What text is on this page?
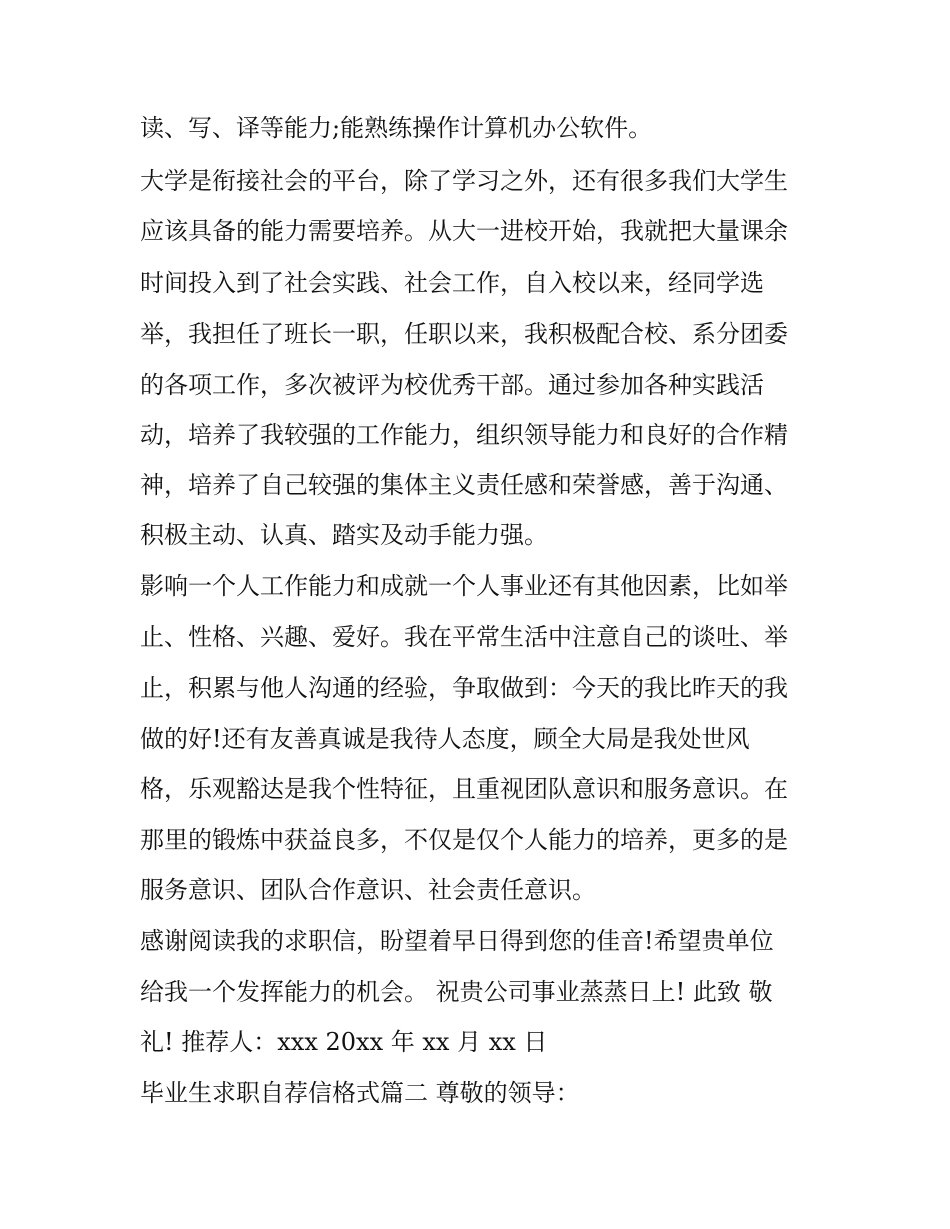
读、写、译等能力;能熟练操作计算机办公软件。
大学是衔接社会的平台，除了学习之外，还有很多我们大学生
应该具备的能力需要培养。从大一进校开始，我就把大量课余
时间投入到了社会实践、社会工作，自入校以来，经同学选
举，我担任了班长一职，任职以来，我积极配合校、系分团委
的各项工作，多次被评为校优秀干部。通过参加各种实践活
动，培养了我较强的工作能力，组织领导能力和良好的合作精
神，培养了自己较强的集体主义责任感和荣誉感，善于沟通、
积极主动、认真、踏实及动手能力强。
影响一个人工作能力和成就一个人事业还有其他因素，比如举
止、性格、兴趣、爱好。我在平常生活中注意自己的谈吐、举
止，积累与他人沟通的经验，争取做到：今天的我比昨天的我
做的好!还有友善真诚是我待人态度，顾全大局是我处世风
格，乐观豁达是我个性特征，且重视团队意识和服务意识。在
那里的锻炼中获益良多，不仅是仅个人能力的培养，更多的是
服务意识、团队合作意识、社会责任意识。
感谢阅读我的求职信，盼望着早日得到您的佳音!希望贵单位
给我一个发挥能力的机会。 祝贵公司事业蒸蒸日上! 此致 敬
礼! 推荐人：xxx 20xx 年 xx 月 xx 日
毕业生求职自荐信格式篇二 尊敬的领导：
